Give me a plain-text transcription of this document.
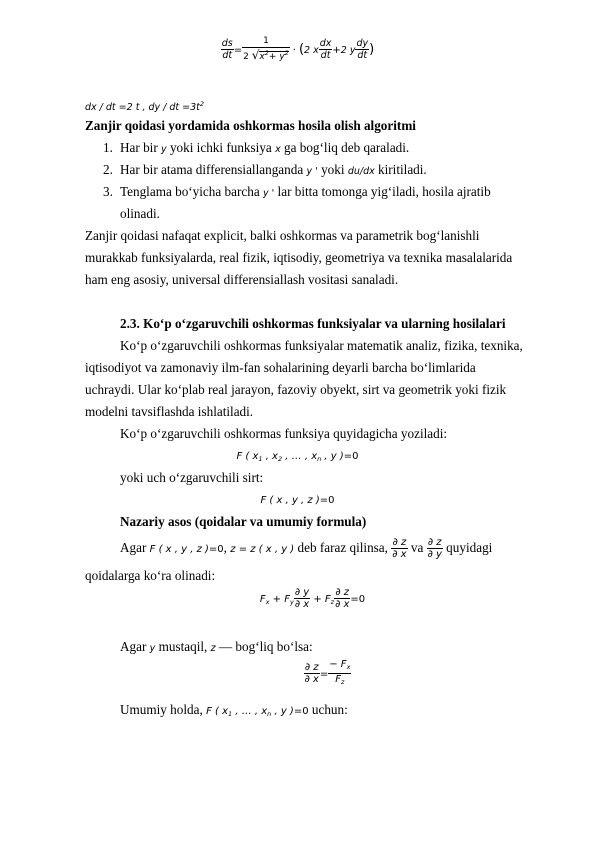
$\frac{ds}{dt} = \frac{1}{2 √x^2+ y^2} \cdot (2$ x $\frac{dx}{dt} +2$ y $\frac{dy}{dt}$ )
dx / dt =2 t , dy / dt $=3t^2$
Zanjir qoidasi yordamida oshkormas hosila olish algoritmi
1. Har bir y yoki ichki funksiya x ga bog‘liq deb qaraladi.
2. Har bir atama differensiallanganda y ' yoki du/dx kiritiladi.
3. Tenglama bo‘yicha barcha y ' lar bitta tomonga yig‘iladi, hosila ajratib
olinadi.
Zanjir qoidasi nafaqat explicit, balki oshkormas va parametrik bog‘lanishli
murakkab funksiyalarda, real fizik, iqtisodiy, geometriya va texnika masalalarida
ham eng asosiy, universal differensiallash vositasi sanaladi.
2.3. Ko‘p o‘zgaruvchili oshkormas funksiyalar va ularning hosilalari
Ko‘p o‘zgaruvchili oshkormas funksiyalar matematik analiz, fizika, texnika,
iqtisodiyot va zamonaviy ilm-fan sohalarining deyarli barcha bo‘limlarida
uchraydi. Ular ko‘plab real jarayon, fazoviy obyekt, sirt va geometrik yoki fizik
modelni tavsiflashda ishlatiladi.
Ko‘p o‘zgaruvchili oshkormas funksiya quyidagicha yoziladi:
F ( $x_1$ , $x_2$ , … , $x_n$ , y )=0
yoki uch o‘zgaruvchili sirt:
F ( x , y , z )=0
Nazariy asos (qoidalar va umumiy formula)
Agar F ( x , y , z )=0, z = z ( x , y ) deb faraz qilinsa, $\frac{\partial z}{\partial x}$ va $\frac{\partial z}{\partial y}$ quyidagi
qoidalarga ko‘ra olinadi:
$F_x + F_y \frac{\partial y}{\partial x} + F_z \frac{\partial z}{\partial x} =0$
Agar y mustaqil, z — bog‘liq bo‘lsa:
$\frac{\partial z}{\partial x} = \frac{- F_x}{F_z}$
Umumiy holda, F ( $x_1$ , … , $x_n$ , y )=0 uchun:
